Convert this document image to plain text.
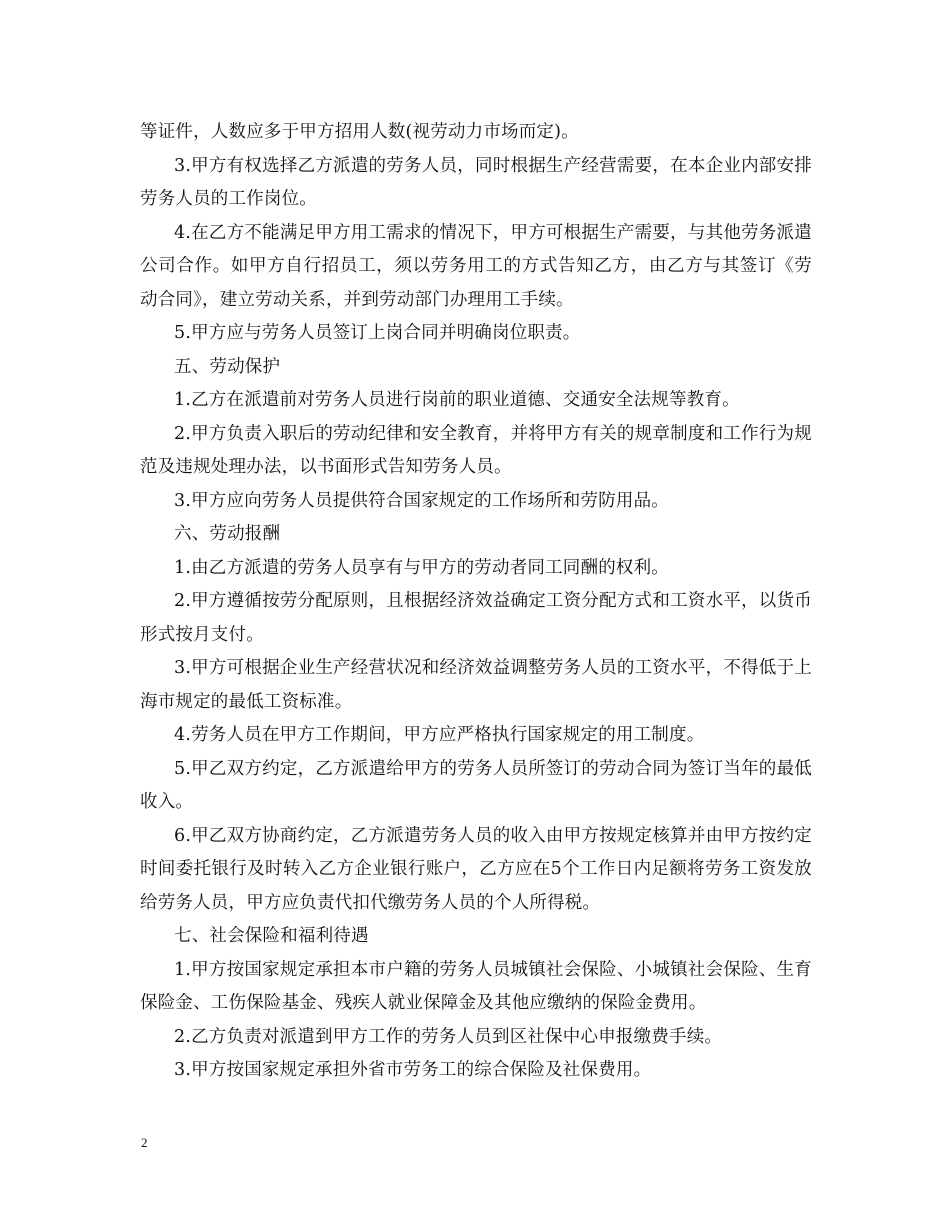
等证件，人数应多于甲方招用人数(视劳动力市场而定)。

3.甲方有权选择乙方派遣的劳务人员，同时根据生产经营需要，在本企业内部安排劳务人员的工作岗位。

4.在乙方不能满足甲方用工需求的情况下，甲方可根据生产需要，与其他劳务派遣公司合作。如甲方自行招员工，须以劳务用工的方式告知乙方，由乙方与其签订《劳动合同》，建立劳动关系，并到劳动部门办理用工手续。

5.甲方应与劳务人员签订上岗合同并明确岗位职责。

五、劳动保护

1.乙方在派遣前对劳务人员进行岗前的职业道德、交通安全法规等教育。

2.甲方负责入职后的劳动纪律和安全教育，并将甲方有关的规章制度和工作行为规范及违规处理办法，以书面形式告知劳务人员。

3.甲方应向劳务人员提供符合国家规定的工作场所和劳防用品。

六、劳动报酬

1.由乙方派遣的劳务人员享有与甲方的劳动者同工同酬的权利。

2.甲方遵循按劳分配原则，且根据经济效益确定工资分配方式和工资水平，以货币形式按月支付。

3.甲方可根据企业生产经营状况和经济效益调整劳务人员的工资水平，不得低于上海市规定的最低工资标准。

4.劳务人员在甲方工作期间，甲方应严格执行国家规定的用工制度。

5.甲乙双方约定，乙方派遣给甲方的劳务人员所签订的劳动合同为签订当年的最低收入。

6.甲乙双方协商约定，乙方派遣劳务人员的收入由甲方按规定核算并由甲方按约定时间委托银行及时转入乙方企业银行账户，乙方应在5个工作日内足额将劳务工资发放给劳务人员，甲方应负责代扣代缴劳务人员的个人所得税。

七、社会保险和福利待遇

1.甲方按国家规定承担本市户籍的劳务人员城镇社会保险、小城镇社会保险、生育保险金、工伤保险基金、残疾人就业保障金及其他应缴纳的保险金费用。

2.乙方负责对派遣到甲方工作的劳务人员到区社保中心申报缴费手续。

3.甲方按国家规定承担外省市劳务工的综合保险及社保费用。

2
